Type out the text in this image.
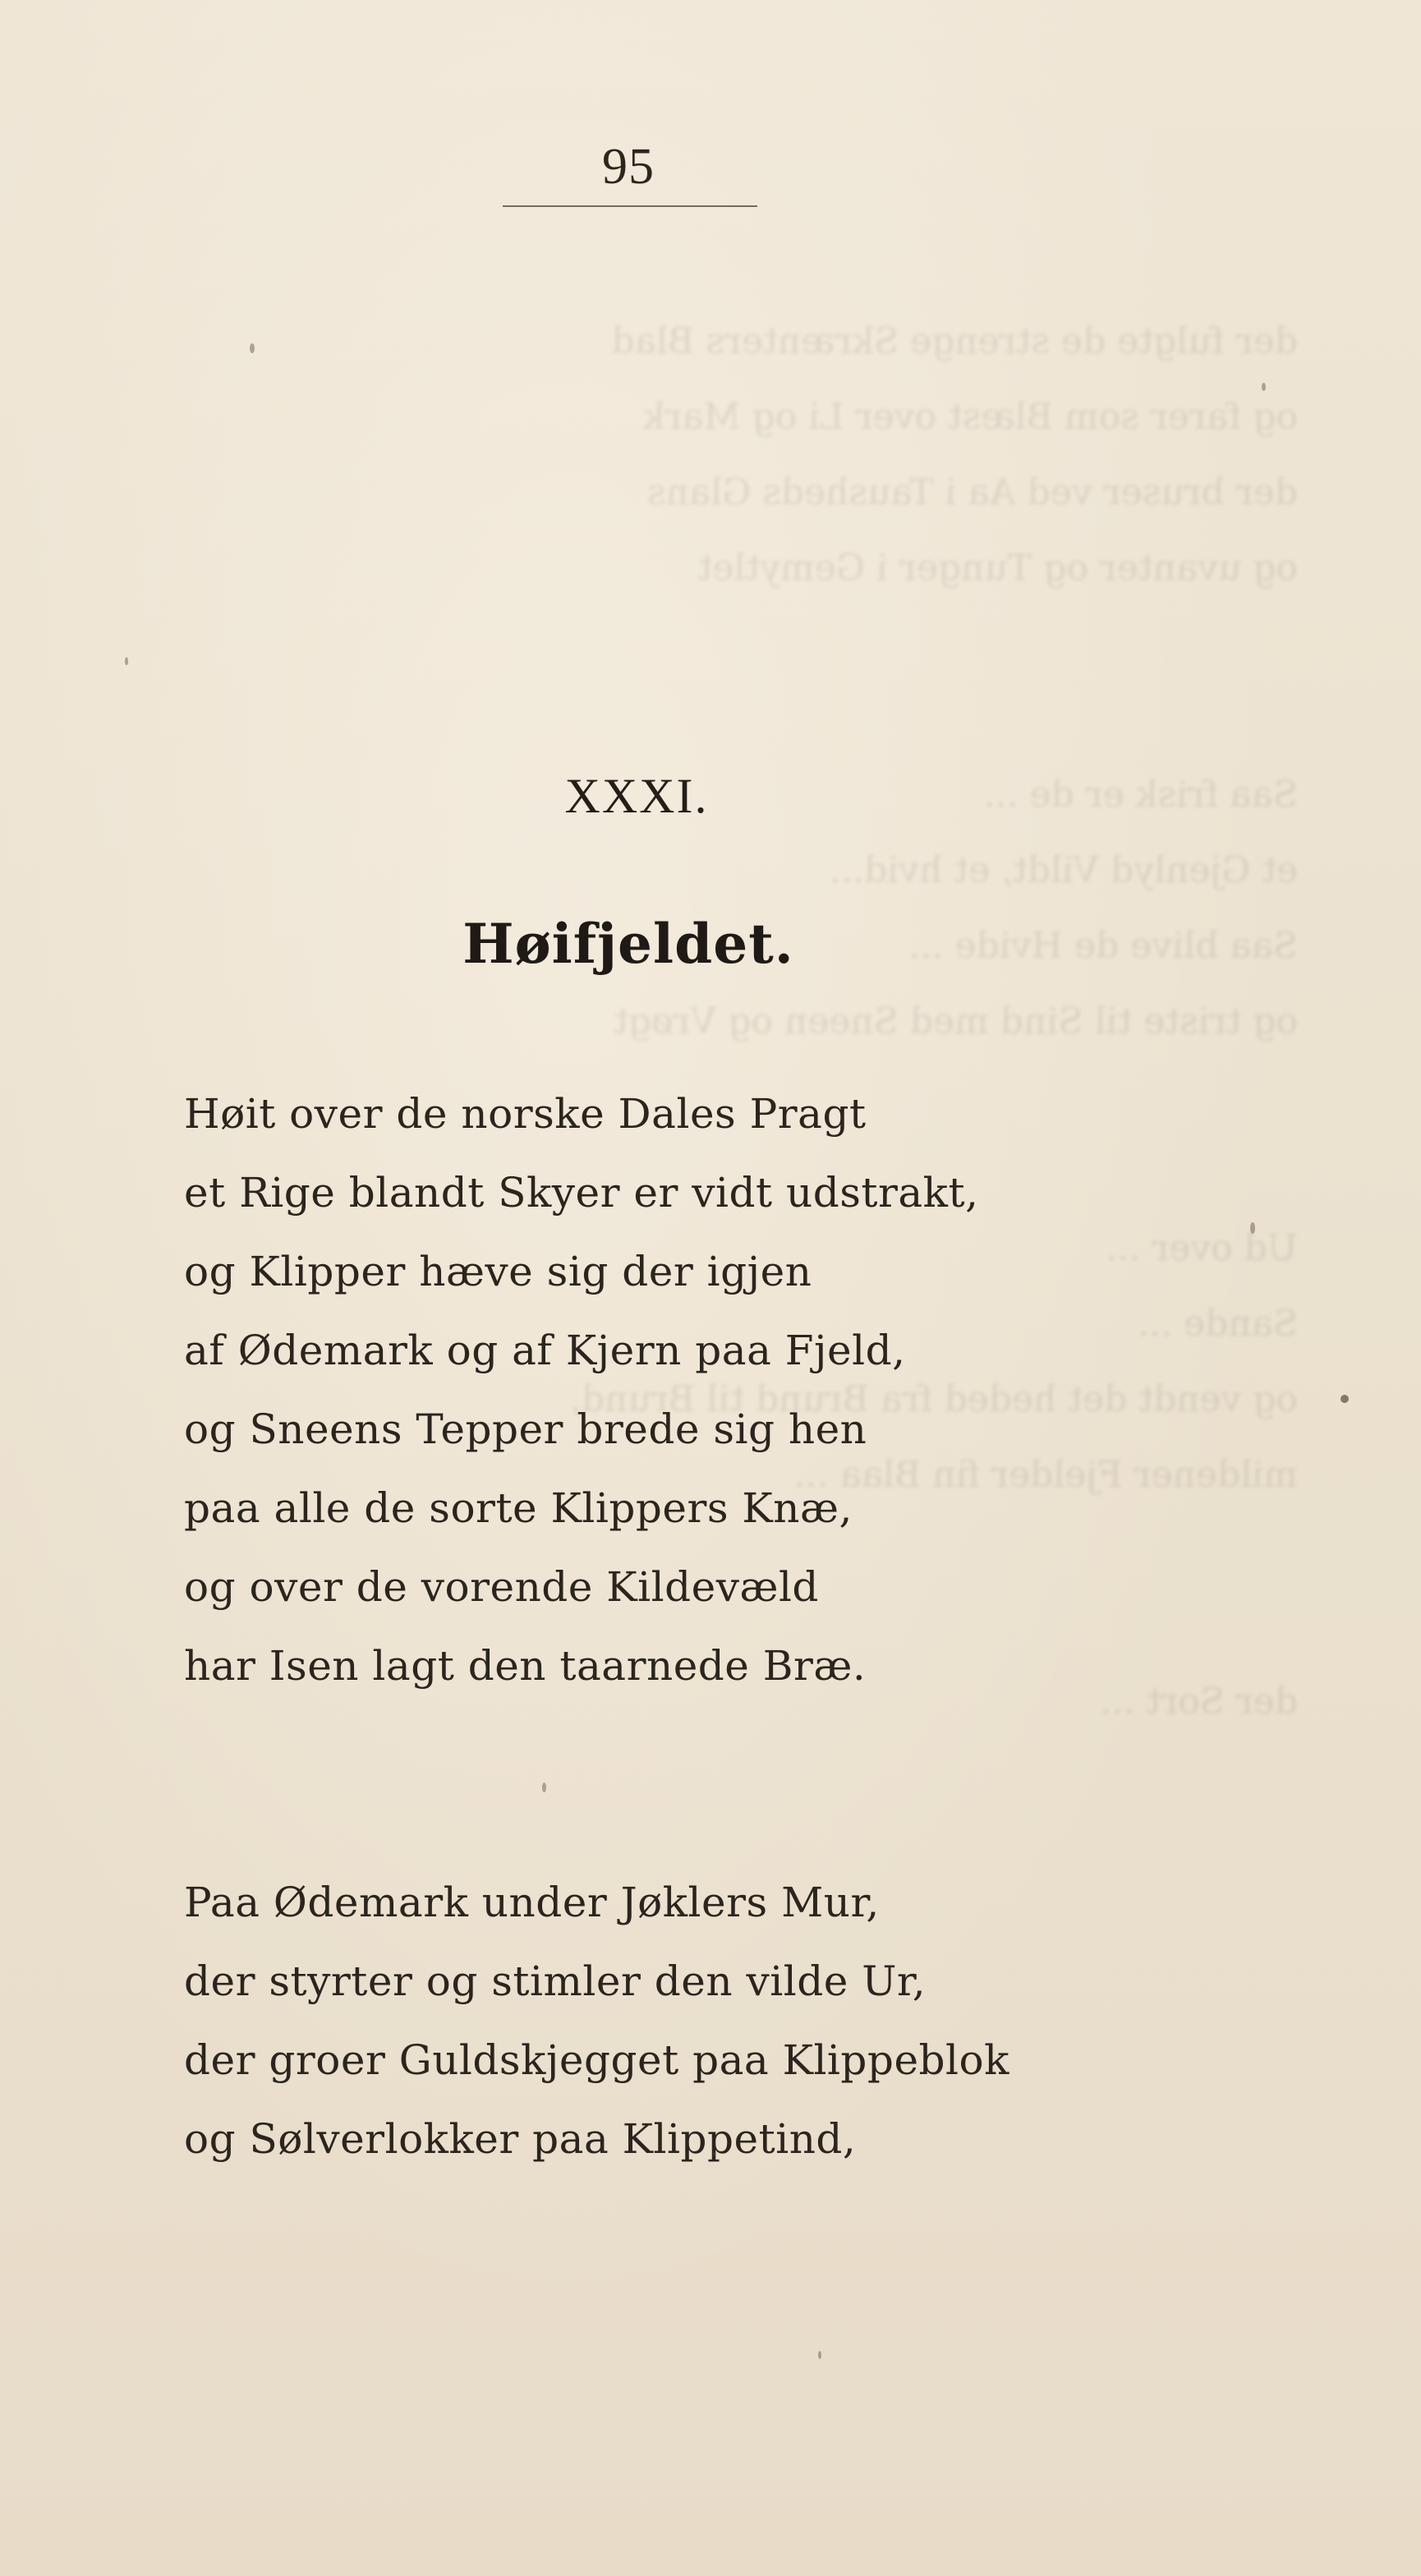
der fulgte de strenge Skrænters Blad
og farer som Blæst over Li og Mark
der bruser ved Aa i Tausheds Glans
og uvanter og Tunger i Gemytlet

Saa frisk er de ...
et Gjenlyd Vildt, et hvid...
Saa blive de Hvide ...
og triste til Sind med Sneen og Vrøgt

Ud over ...
Sande ...
og vendt det heded fra Brund til Brund,
mildener Fjelder fin Blaa ...

der Sort ...
95
XXXI.
Høifjeldet.
Høit over de norske Dales Pragt
et Rige blandt Skyer er vidt udstrakt,
og Klipper hæve sig der igjen
af Ødemark og af Kjern paa Fjeld,
og Sneens Tepper brede sig hen
paa alle de sorte Klippers Knæ,
og over de vorende Kildevæld
har Isen lagt den taarnede Bræ.
Paa Ødemark under Jøklers Mur,
der styrter og stimler den vilde Ur,
der groer Guldskjegget paa Klippeblok
og Sølverlokker paa Klippetind,
